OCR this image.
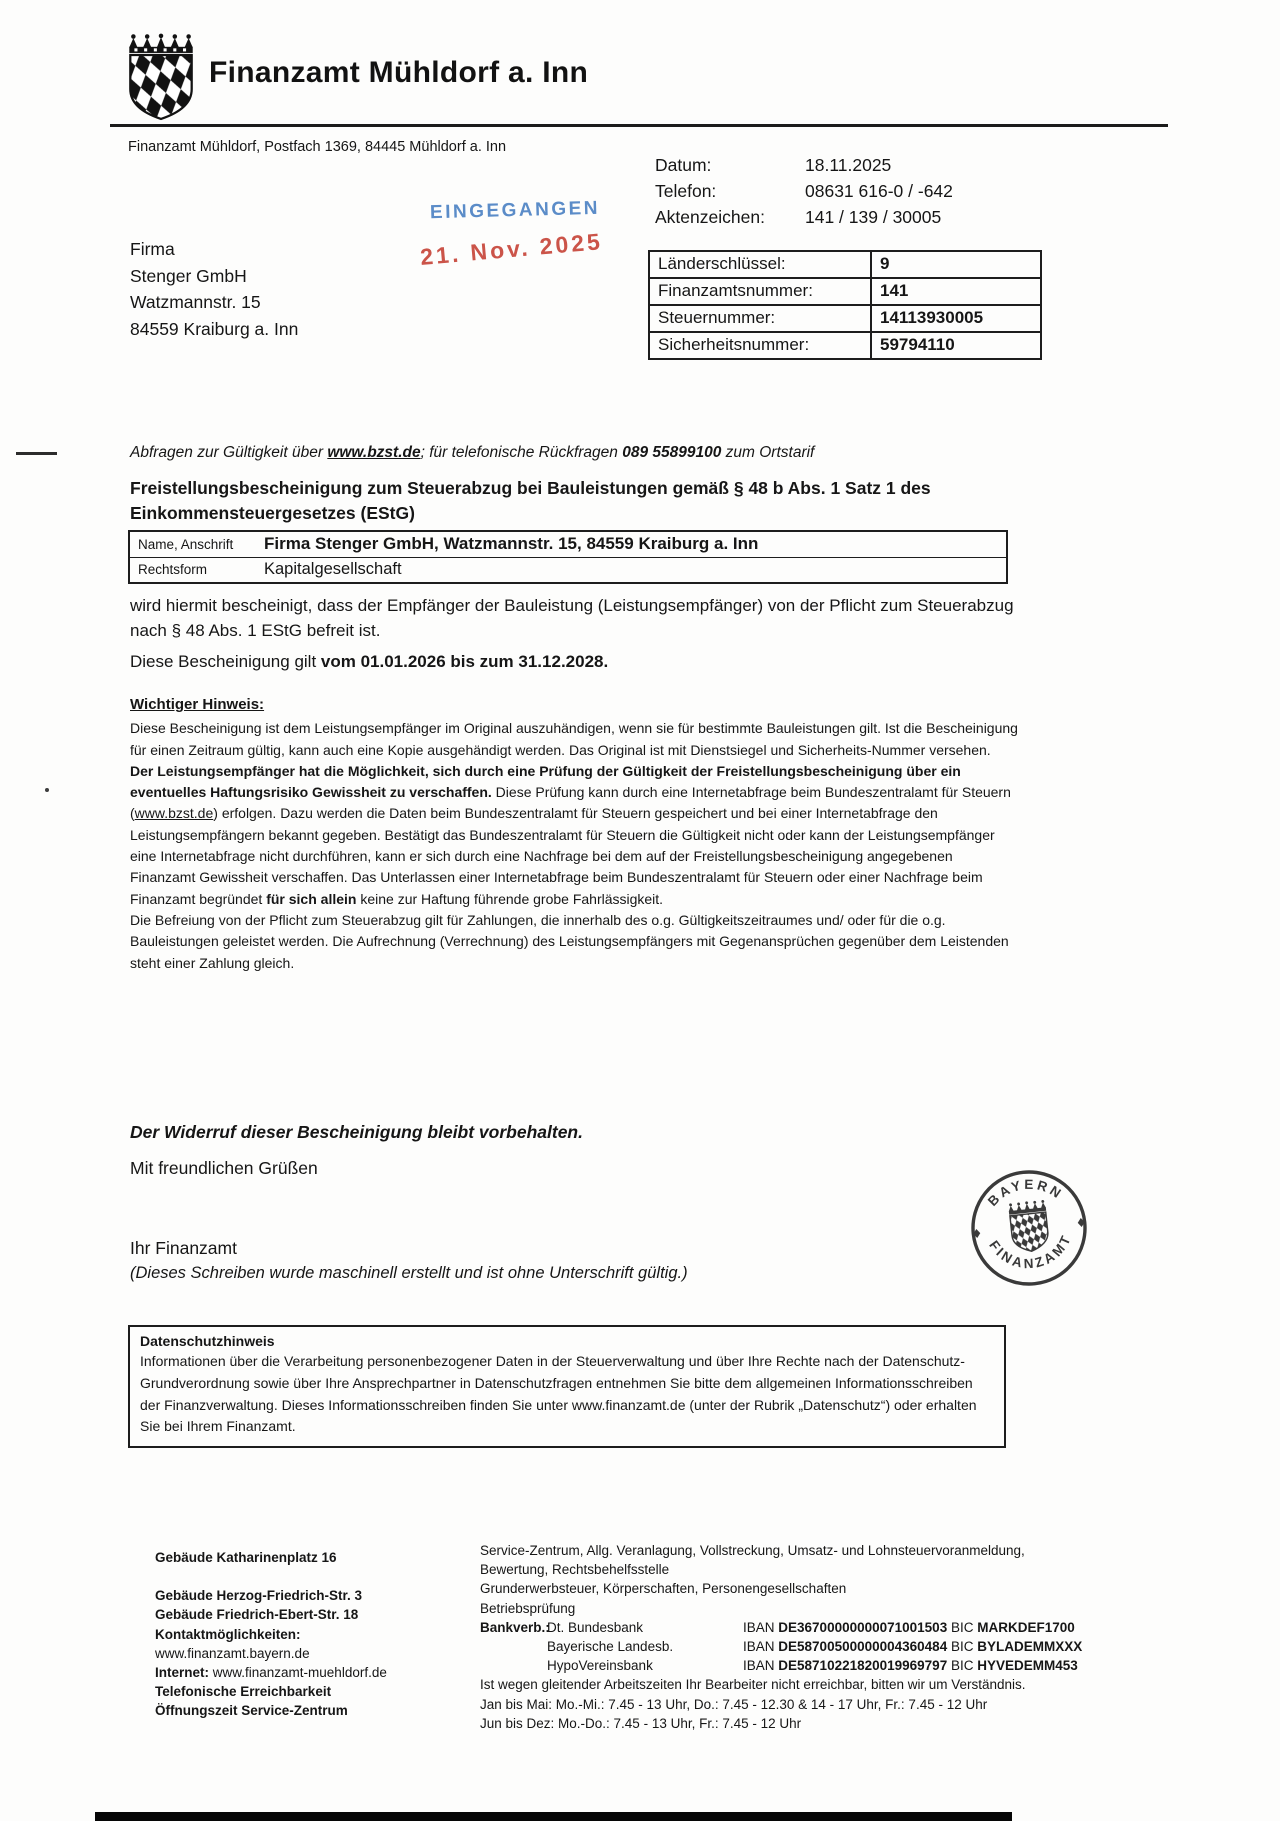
Finanzamt Mühldorf a. Inn
Finanzamt Mühldorf, Postfach 1369, 84445 Mühldorf a. Inn
Firma
Stenger GmbH
Watzmannstr. 15
84559 Kraiburg a. Inn
EINGEGANGEN
21. Nov. 2025
Datum:	18.11.2025
Telefon:	08631 616-0 / -642
Aktenzeichen:	141 / 139 / 30005
Länderschlüssel:	9
Finanzamtsnummer:	141
Steuernummer:	14113930005
Sicherheitsnummer:	59794110

Abfragen zur Gültigkeit über www.bzst.de; für telefonische Rückfragen 089 55899100 zum Ortstarif

Freistellungsbescheinigung zum Steuerabzug bei Bauleistungen gemäß § 48 b Abs. 1 Satz 1 des Einkommensteuergesetzes (EStG)
Name, Anschrift	Firma Stenger GmbH, Watzmannstr. 15, 84559 Kraiburg a. Inn
Rechtsform	Kapitalgesellschaft

wird hiermit bescheinigt, dass der Empfänger der Bauleistung (Leistungsempfänger) von der Pflicht zum Steuerabzug nach § 48 Abs. 1 EStG befreit ist.

Diese Bescheinigung gilt vom 01.01.2026 bis zum 31.12.2028.

Wichtiger Hinweis:

Diese Bescheinigung ist dem Leistungsempfänger im Original auszuhändigen, wenn sie für bestimmte Bauleistungen gilt. Ist die Bescheinigung für einen Zeitraum gültig, kann auch eine Kopie ausgehändigt werden. Das Original ist mit Dienstsiegel und Sicherheits-Nummer versehen.

Der Leistungsempfänger hat die Möglichkeit, sich durch eine Prüfung der Gültigkeit der Freistellungsbescheinigung über ein eventuelles Haftungsrisiko Gewissheit zu verschaffen. Diese Prüfung kann durch eine Internetabfrage beim Bundeszentralamt für Steuern (www.bzst.de) erfolgen. Dazu werden die Daten beim Bundeszentralamt für Steuern gespeichert und bei einer Internetabfrage den Leistungsempfängern bekannt gegeben. Bestätigt das Bundeszentralamt für Steuern die Gültigkeit nicht oder kann der Leistungsempfänger eine Internetabfrage nicht durchführen, kann er sich durch eine Nachfrage bei dem auf der Freistellungsbescheinigung angegebenen Finanzamt Gewissheit verschaffen. Das Unterlassen einer Internetabfrage beim Bundeszentralamt für Steuern oder einer Nachfrage beim Finanzamt begründet für sich allein keine zur Haftung führende grobe Fahrlässigkeit.

Die Befreiung von der Pflicht zum Steuerabzug gilt für Zahlungen, die innerhalb des o.g. Gültigkeitszeitraumes und/ oder für die o.g. Bauleistungen geleistet werden. Die Aufrechnung (Verrechnung) des Leistungsempfängers mit Gegenansprüchen gegenüber dem Leistenden steht einer Zahlung gleich.

Der Widerruf dieser Bescheinigung bleibt vorbehalten.

Mit freundlichen Grüßen

BAYERN
FINANZAMT

Ihr Finanzamt

(Dieses Schreiben wurde maschinell erstellt und ist ohne Unterschrift gültig.)

Datenschutzhinweis

Informationen über die Verarbeitung personenbezogener Daten in der Steuerverwaltung und über Ihre Rechte nach der Datenschutz-Grundverordnung sowie über Ihre Ansprechpartner in Datenschutzfragen entnehmen Sie bitte dem allgemeinen Informationsschreiben der Finanzverwaltung. Dieses Informationsschreiben finden Sie unter www.finanzamt.de (unter der Rubrik „Datenschutz“) oder erhalten Sie bei Ihrem Finanzamt.

Gebäude Katharinenplatz 16
Gebäude Herzog-Friedrich-Str. 3
Gebäude Friedrich-Ebert-Str. 18
Kontaktmöglichkeiten:
www.finanzamt.bayern.de
Internet: www.finanzamt-muehldorf.de
Telefonische Erreichbarkeit
Öffnungszeit Service-Zentrum
Service-Zentrum, Allg. Veranlagung, Vollstreckung, Umsatz- und Lohnsteuervoranmeldung,
Bewertung, Rechtsbehelfsstelle
Grunderwerbsteuer, Körperschaften, Personengesellschaften
Betriebsprüfung
Bankverb.:
Dt. Bundesbank	IBAN DE36700000000071001503 BIC MARKDEF1700
Bayerische Landesb.	IBAN DE58700500000004360484 BIC BYLADEMMXXX
HypoVereinsbank	IBAN DE58710221820019969797 BIC HYVEDEMM453
Ist wegen gleitender Arbeitszeiten Ihr Bearbeiter nicht erreichbar, bitten wir um Verständnis.
Jan bis Mai: Mo.-Mi.: 7.45 - 13 Uhr, Do.: 7.45 - 12.30 & 14 - 17 Uhr, Fr.: 7.45 - 12 Uhr
Jun bis Dez: Mo.-Do.: 7.45 - 13 Uhr, Fr.: 7.45 - 12 Uhr
